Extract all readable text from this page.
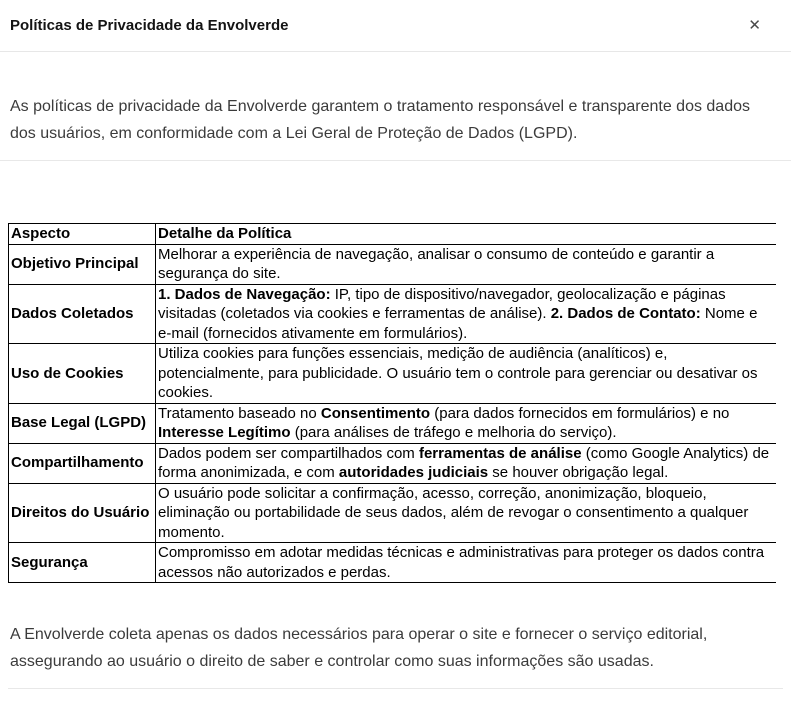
Políticas de Privacidade da Envolverde	✕

As políticas de privacidade da Envolverde garantem o tratamento responsável e transparente dos dados dos usuários, em conformidade com a Lei Geral de Proteção de Dados (LGPD).

Aspecto	Detalhe da Política
Objetivo Principal	Melhorar a experiência de navegação, analisar o consumo de conteúdo e garantir a segurança do site.
Dados Coletados	1. Dados de Navegação: IP, tipo de dispositivo/navegador, geolocalização e páginas visitadas (coletados via cookies e ferramentas de análise). 2. Dados de Contato: Nome e e-mail (fornecidos ativamente em formulários).
Uso de Cookies	Utiliza cookies para funções essenciais, medição de audiência (analíticos) e, potencialmente, para publicidade. O usuário tem o controle para gerenciar ou desativar os cookies.
Base Legal (LGPD)	Tratamento baseado no Consentimento (para dados fornecidos em formulários) e no Interesse Legítimo (para análises de tráfego e melhoria do serviço).
Compartilhamento	Dados podem ser compartilhados com ferramentas de análise (como Google Analytics) de forma anonimizada, e com autoridades judiciais se houver obrigação legal.
Direitos do Usuário	O usuário pode solicitar a confirmação, acesso, correção, anonimização, bloqueio, eliminação ou portabilidade de seus dados, além de revogar o consentimento a qualquer momento.
Segurança	Compromisso em adotar medidas técnicas e administrativas para proteger os dados contra acessos não autorizados e perdas.

A Envolverde coleta apenas os dados necessários para operar o site e fornecer o serviço editorial, assegurando ao usuário o direito de saber e controlar como suas informações são usadas.
